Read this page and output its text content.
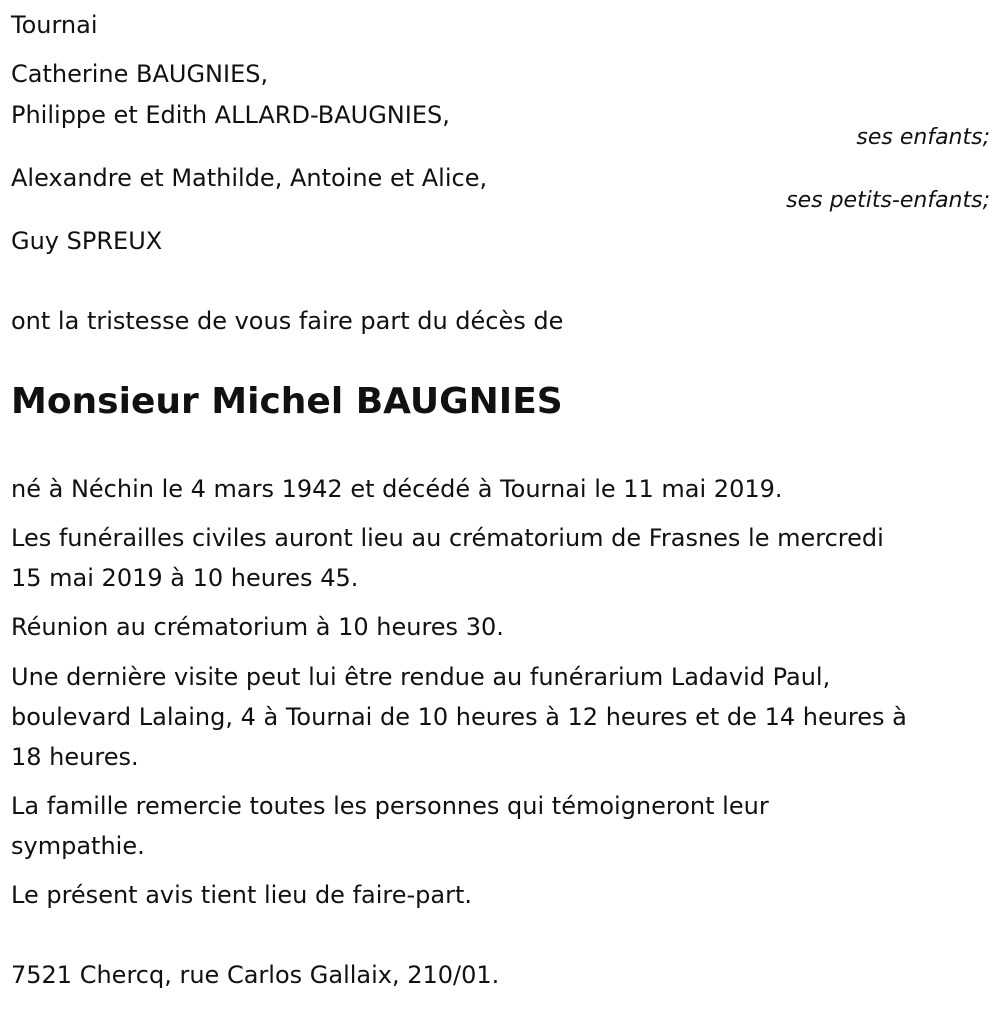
Tournai
Catherine BAUGNIES,
Philippe et Edith ALLARD-BAUGNIES,
ses enfants;
Alexandre et Mathilde, Antoine et Alice,
ses petits-enfants;
Guy SPREUX
ont la tristesse de vous faire part du décès de
Monsieur Michel BAUGNIES
né à Néchin le 4 mars 1942 et décédé à Tournai le 11 mai 2019.
Les funérailles civiles auront lieu au crématorium de Frasnes le mercredi
15 mai 2019 à 10 heures 45.
Réunion au crématorium à 10 heures 30.
Une dernière visite peut lui être rendue au funérarium Ladavid Paul,
boulevard Lalaing, 4 à Tournai de 10 heures à 12 heures et de 14 heures à
18 heures.
La famille remercie toutes les personnes qui témoigneront leur
sympathie.
Le présent avis tient lieu de faire-part.
7521 Chercq, rue Carlos Gallaix, 210/01.
